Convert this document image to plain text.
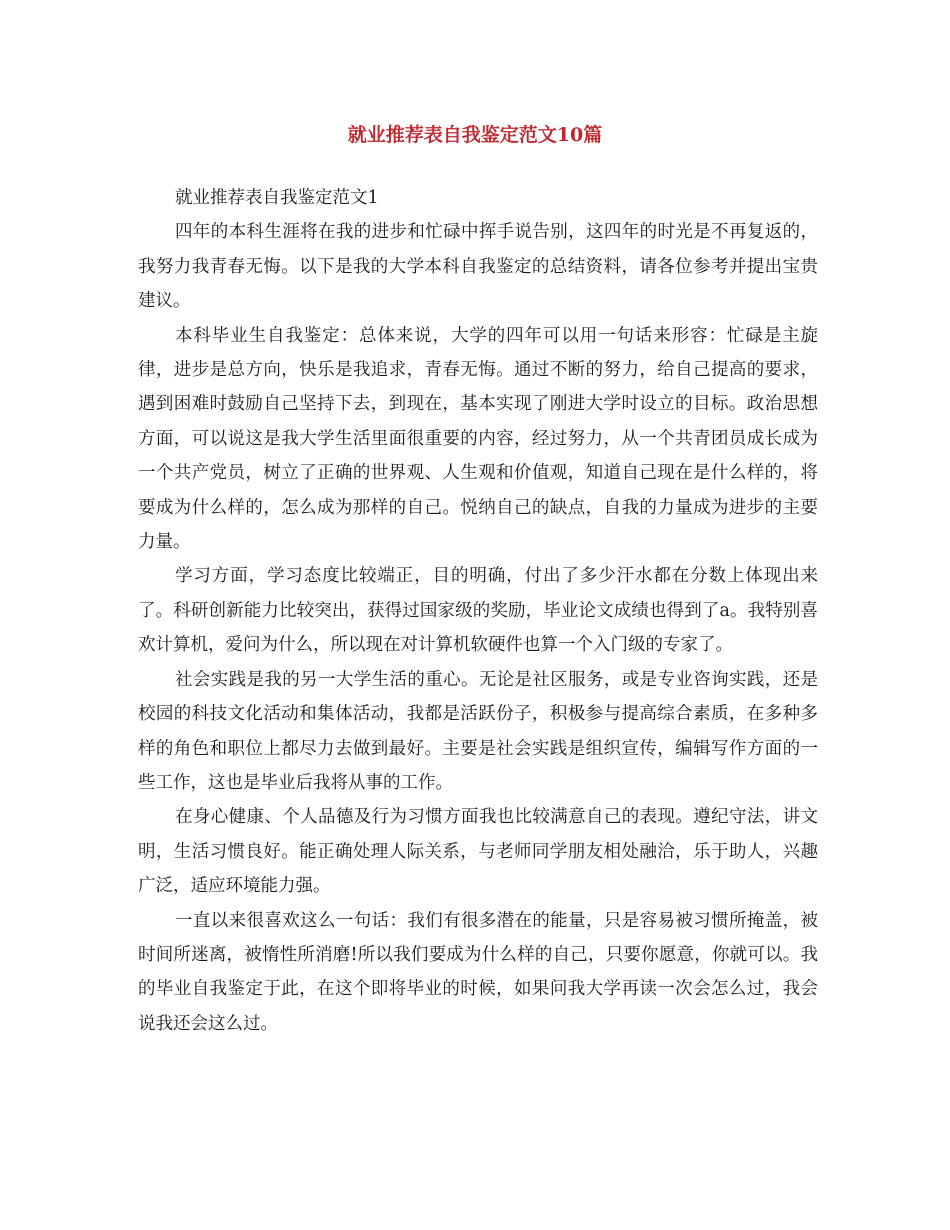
就业推荐表自我鉴定范文10篇

就业推荐表自我鉴定范文1

四年的本科生涯将在我的进步和忙碌中挥手说告别，这四年的时光是不再复返的，我努力我青春无悔。以下是我的大学本科自我鉴定的总结资料，请各位参考并提出宝贵建议。

本科毕业生自我鉴定：总体来说，大学的四年可以用一句话来形容：忙碌是主旋律，进步是总方向，快乐是我追求，青春无悔。通过不断的努力，给自己提高的要求，遇到困难时鼓励自己坚持下去，到现在，基本实现了刚进大学时设立的目标。政治思想方面，可以说这是我大学生活里面很重要的内容，经过努力，从一个共青团员成长成为一个共产党员，树立了正确的世界观、人生观和价值观，知道自己现在是什么样的，将要成为什么样的，怎么成为那样的自己。悦纳自己的缺点，自我的力量成为进步的主要力量。

学习方面，学习态度比较端正，目的明确，付出了多少汗水都在分数上体现出来了。科研创新能力比较突出，获得过国家级的奖励，毕业论文成绩也得到了a。我特别喜欢计算机，爱问为什么，所以现在对计算机软硬件也算一个入门级的专家了。

社会实践是我的另一大学生活的重心。无论是社区服务，或是专业咨询实践，还是校园的科技文化活动和集体活动，我都是活跃份子，积极参与提高综合素质，在多种多样的角色和职位上都尽力去做到最好。主要是社会实践是组织宣传，编辑写作方面的一些工作，这也是毕业后我将从事的工作。

在身心健康、个人品德及行为习惯方面我也比较满意自己的表现。遵纪守法，讲文明，生活习惯良好。能正确处理人际关系，与老师同学朋友相处融洽，乐于助人，兴趣广泛，适应环境能力强。

一直以来很喜欢这么一句话：我们有很多潜在的能量，只是容易被习惯所掩盖，被时间所迷离，被惰性所消磨!所以我们要成为什么样的自己，只要你愿意，你就可以。我的毕业自我鉴定于此，在这个即将毕业的时候，如果问我大学再读一次会怎么过，我会说我还会这么过。
